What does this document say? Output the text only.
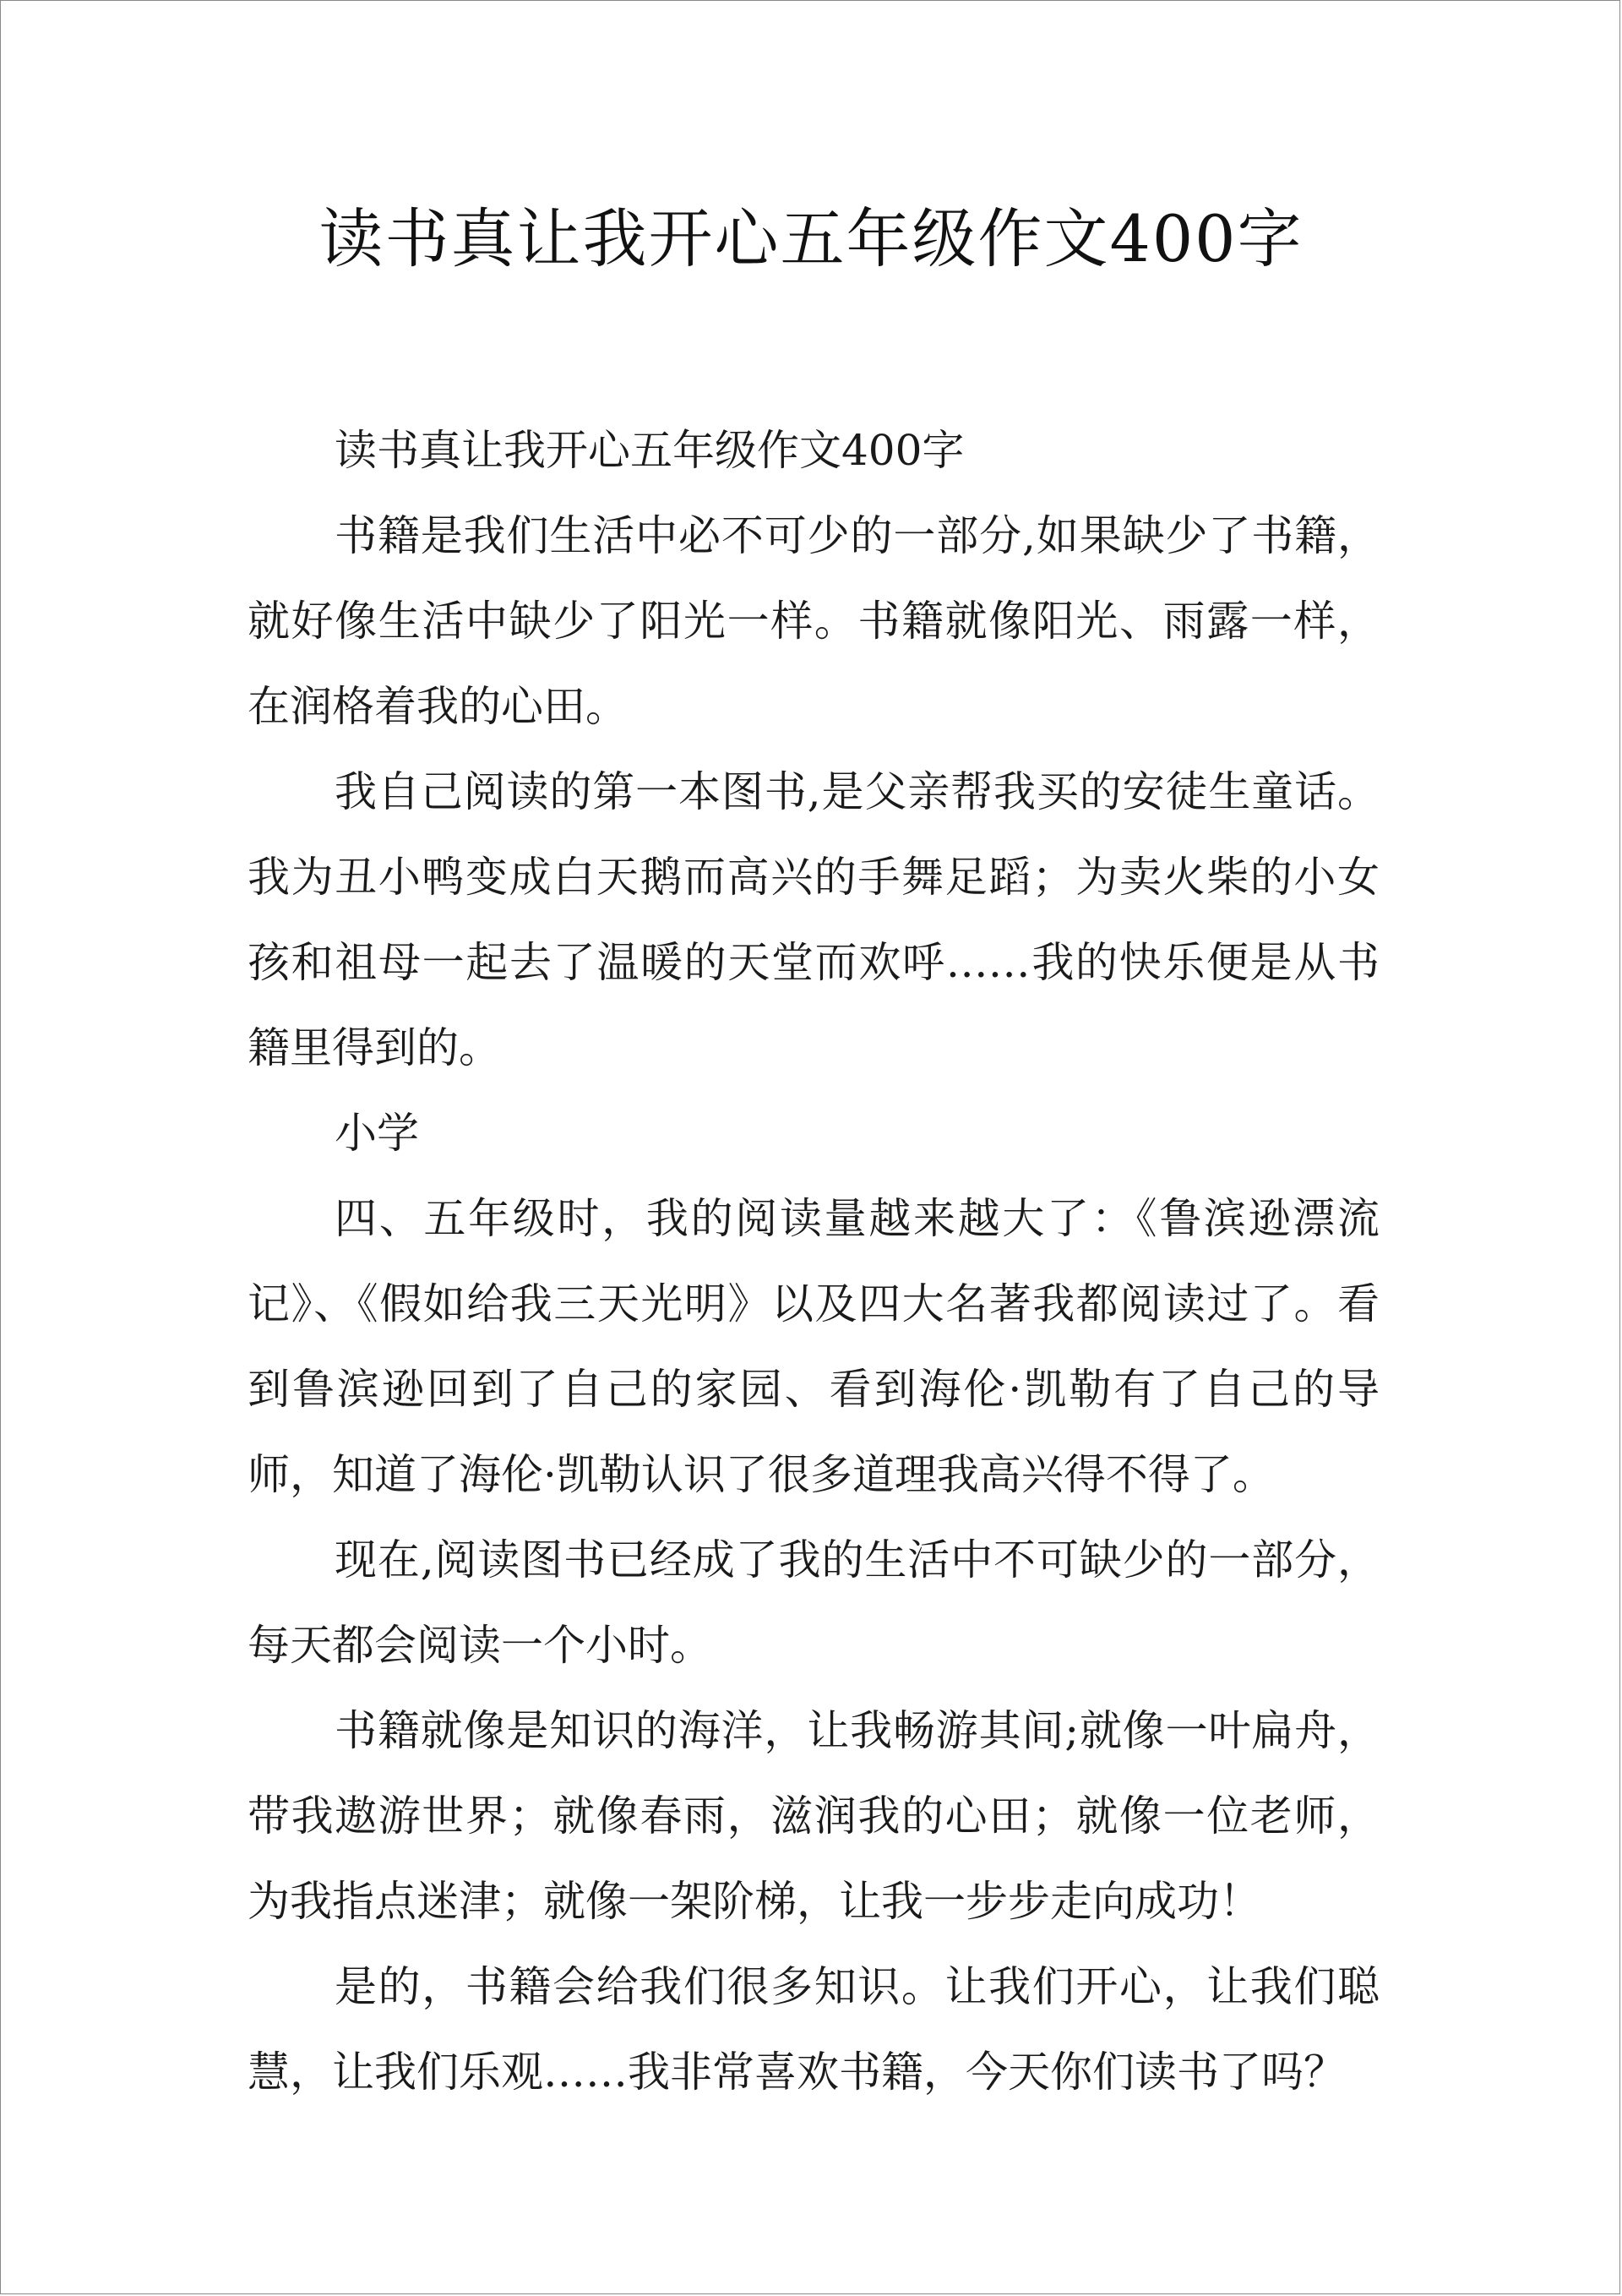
读书真让我开心五年级作文400字

读书真让我开心五年级作文400字

书籍是我们生活中必不可少的一部分,如果缺少了书籍，就好像生活中缺少了阳光一样。书籍就像阳光、雨露一样，在润格着我的心田。

我自己阅读的第一本图书,是父亲帮我买的安徒生童话。我为丑小鸭变成白天鹅而高兴的手舞足蹈；为卖火柴的小女孩和祖母一起去了温暖的天堂而欢呼……我的快乐便是从书籍里得到的。

小学

四、五年级时，我的阅读量越来越大了：《鲁滨逊漂流记》、《假如给我三天光明》以及四大名著我都阅读过了。看到鲁滨逊回到了自己的家园、看到海伦·凯勒有了自己的导师，知道了海伦·凯勒认识了很多道理我高兴得不得了。

现在,阅读图书已经成了我的生活中不可缺少的一部分，每天都会阅读一个小时。

书籍就像是知识的海洋，让我畅游其间;就像一叶扁舟，带我遨游世界；就像春雨，滋润我的心田；就像一位老师，为我指点迷津；就像一架阶梯，让我一步步走向成功！

是的，书籍会给我们很多知识。让我们开心，让我们聪慧，让我们乐观……我非常喜欢书籍，今天你们读书了吗？
